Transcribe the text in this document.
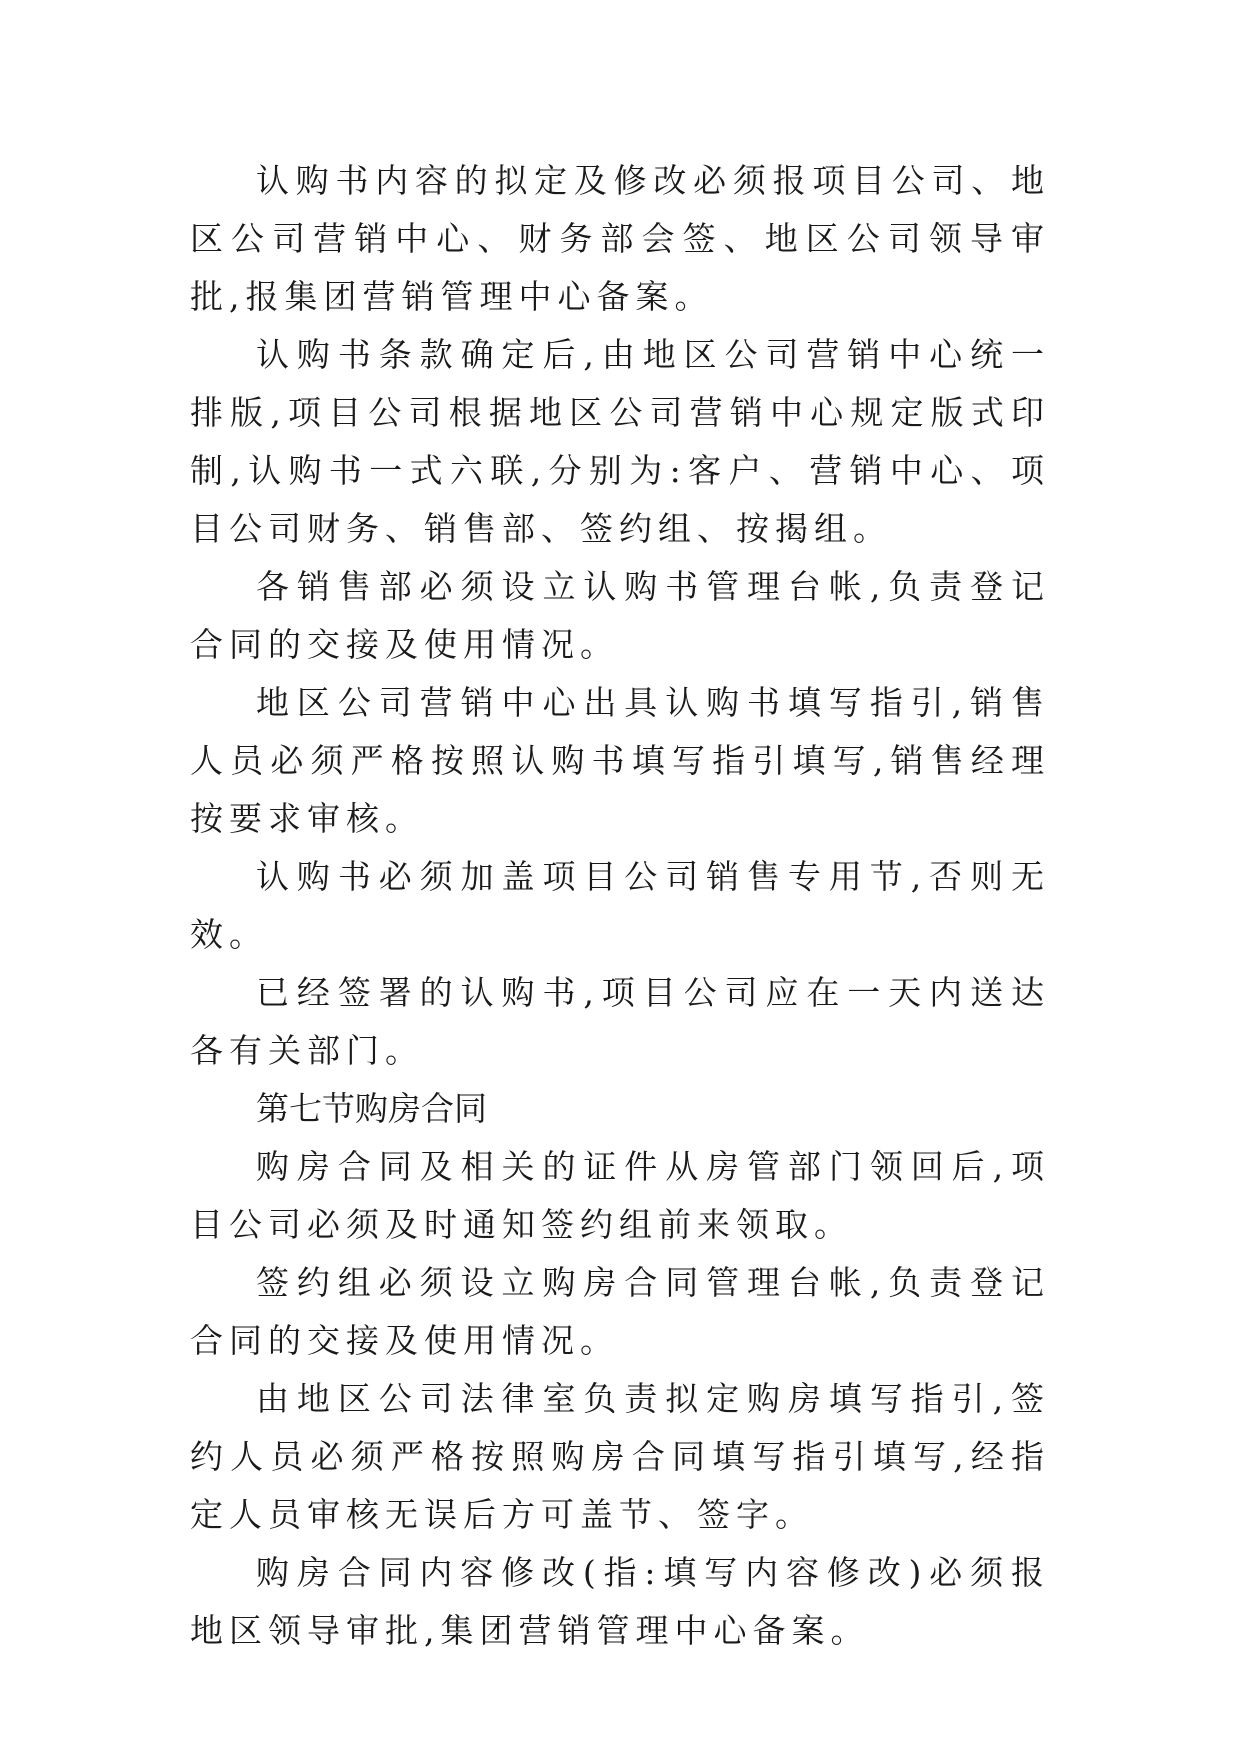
认购书内容的拟定及修改必须报项目公司、地区公司营销中心、财务部会签、地区公司领导审批,报集团营销管理中心备案。

认购书条款确定后,由地区公司营销中心统一排版,项目公司根据地区公司营销中心规定版式印制,认购书一式六联,分别为:客户、营销中心、项目公司财务、销售部、签约组、按揭组。

各销售部必须设立认购书管理台帐,负责登记合同的交接及使用情况。

地区公司营销中心出具认购书填写指引,销售人员必须严格按照认购书填写指引填写,销售经理按要求审核。

认购书必须加盖项目公司销售专用节,否则无效。

已经签署的认购书,项目公司应在一天内送达各有关部门。

第七节购房合同

购房合同及相关的证件从房管部门领回后,项目公司必须及时通知签约组前来领取。

签约组必须设立购房合同管理台帐,负责登记合同的交接及使用情况。

由地区公司法律室负责拟定购房填写指引,签约人员必须严格按照购房合同填写指引填写,经指定人员审核无误后方可盖节、签字。

购房合同内容修改(指:填写内容修改)必须报地区领导审批,集团营销管理中心备案。
